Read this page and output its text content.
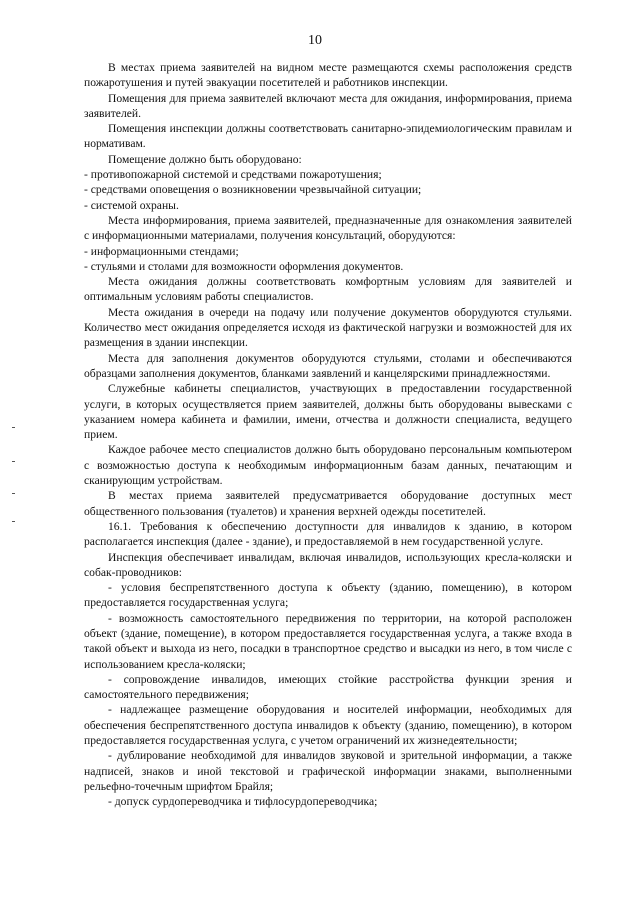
10

В местах приема заявителей на видном месте размещаются схемы расположения средств пожаротушения и путей эвакуации посетителей и работников инспекции.

Помещения для приема заявителей включают места для ожидания, информирования, приема заявителей.

Помещения инспекции должны соответствовать санитарно-эпидемиологическим правилам и нормативам.

Помещение должно быть оборудовано:

- противопожарной системой и средствами пожаротушения;

- средствами оповещения о возникновении чрезвычайной ситуации;

- системой охраны.

Места информирования, приема заявителей, предназначенные для ознакомления заявителей с информационными материалами, получения консультаций, оборудуются:

- информационными стендами;

- стульями и столами для возможности оформления документов.

Места ожидания должны соответствовать комфортным условиям для заявителей и оптимальным условиям работы специалистов.

Места ожидания в очереди на подачу или получение документов оборудуются стульями. Количество мест ожидания определяется исходя из фактической нагрузки и возможностей для их размещения в здании инспекции.

Места для заполнения документов оборудуются стульями, столами и обеспечиваются образцами заполнения документов, бланками заявлений и канцелярскими принадлежностями.

Служебные кабинеты специалистов, участвующих в предоставлении государственной услуги, в которых осуществляется прием заявителей, должны быть оборудованы вывесками с указанием номера кабинета и фамилии, имени, отчества и должности специалиста, ведущего прием.

Каждое рабочее место специалистов должно быть оборудовано персональным компьютером с возможностью доступа к необходимым информационным базам данных, печатающим и сканирующим устройствам.

В местах приема заявителей предусматривается оборудование доступных мест общественного пользования (туалетов) и хранения верхней одежды посетителей.

16.1. Требования к обеспечению доступности для инвалидов к зданию, в котором располагается инспекция (далее - здание), и предоставляемой в нем государственной услуге.

Инспекция обеспечивает инвалидам, включая инвалидов, использующих кресла-коляски и собак-проводников:

- условия беспрепятственного доступа к объекту (зданию, помещению), в котором предоставляется государственная услуга;

- возможность самостоятельного передвижения по территории, на которой расположен объект (здание, помещение), в котором предоставляется государственная услуга, а также входа в такой объект и выхода из него, посадки в транспортное средство и высадки из него, в том числе с использованием кресла-коляски;

- сопровождение инвалидов, имеющих стойкие расстройства функции зрения и самостоятельного передвижения;

- надлежащее размещение оборудования и носителей информации, необходимых для обеспечения беспрепятственного доступа инвалидов к объекту (зданию, помещению), в котором предоставляется государственная услуга, с учетом ограничений их жизнедеятельности;

- дублирование необходимой для инвалидов звуковой и зрительной информации, а также надписей, знаков и иной текстовой и графической информации знаками, выполненными рельефно-точечным шрифтом Брайля;

- допуск сурдопереводчика и тифлосурдопереводчика;
